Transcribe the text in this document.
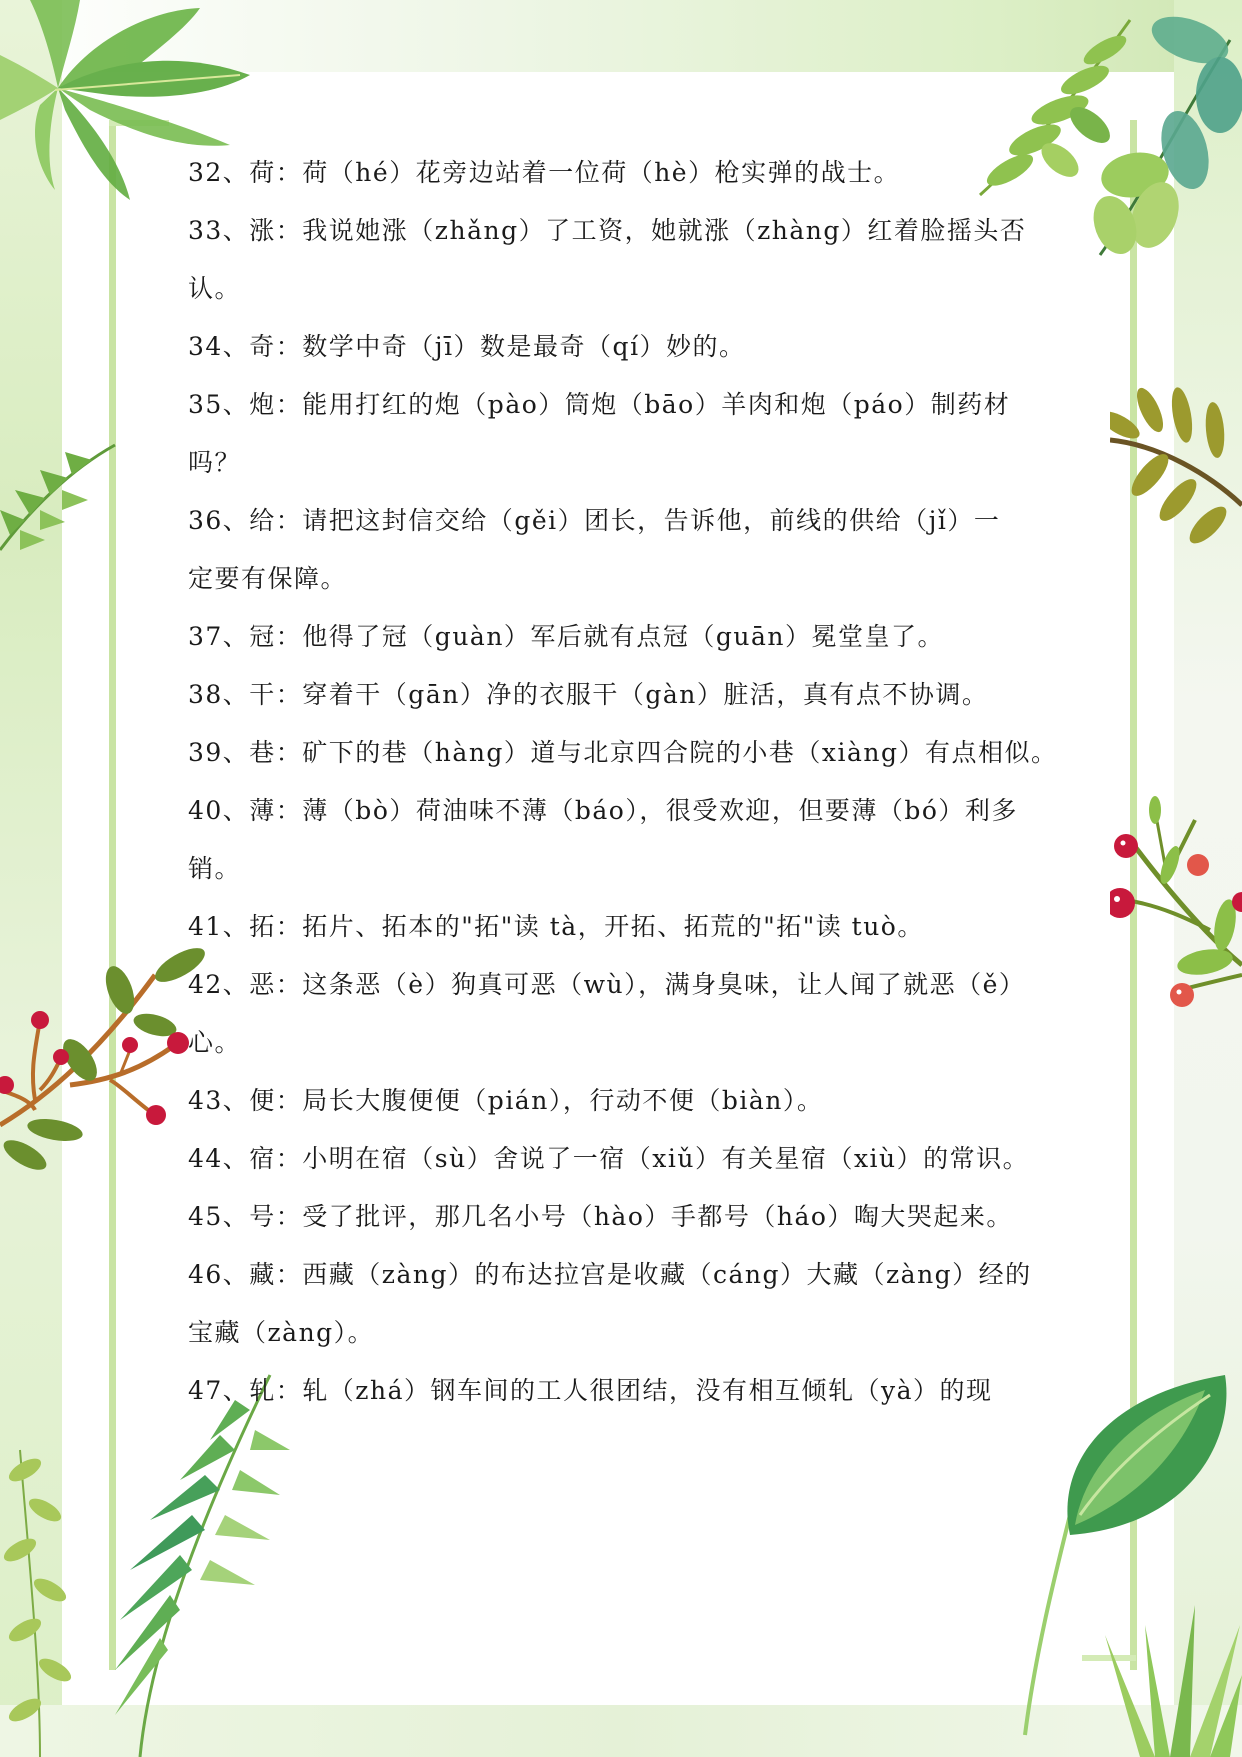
32、荷：荷（hé）花旁边站着一位荷（hè）枪实弹的战士。
33、涨：我说她涨（zhǎng）了工资，她就涨（zhàng）红着脸摇头否
认。
34、奇：数学中奇（jī）数是最奇（qí）妙的。
35、炮：能用打红的炮（pào）筒炮（bāo）羊肉和炮（páo）制药材
吗？
36、给：请把这封信交给（gěi）团长，告诉他，前线的供给（jǐ）一
定要有保障。
37、冠：他得了冠（guàn）军后就有点冠（guān）冕堂皇了。
38、干：穿着干（gān）净的衣服干（gàn）脏活，真有点不协调。
39、巷：矿下的巷（hàng）道与北京四合院的小巷（xiàng）有点相似。
40、薄：薄（bò）荷油味不薄（báo），很受欢迎，但要薄（bó）利多
销。
41、拓：拓片、拓本的"拓"读 tà，开拓、拓荒的"拓"读 tuò。
42、恶：这条恶（è）狗真可恶（wù），满身臭味，让人闻了就恶（ě）
心。
43、便：局长大腹便便（pián），行动不便（biàn）。
44、宿：小明在宿（sù）舍说了一宿（xiǔ）有关星宿（xiù）的常识。
45、号：受了批评，那几名小号（hào）手都号（háo）啕大哭起来。
46、藏：西藏（zàng）的布达拉宫是收藏（cáng）大藏（zàng）经的
宝藏（zàng）。
47、轧：轧（zhá）钢车间的工人很团结，没有相互倾轧（yà）的现
